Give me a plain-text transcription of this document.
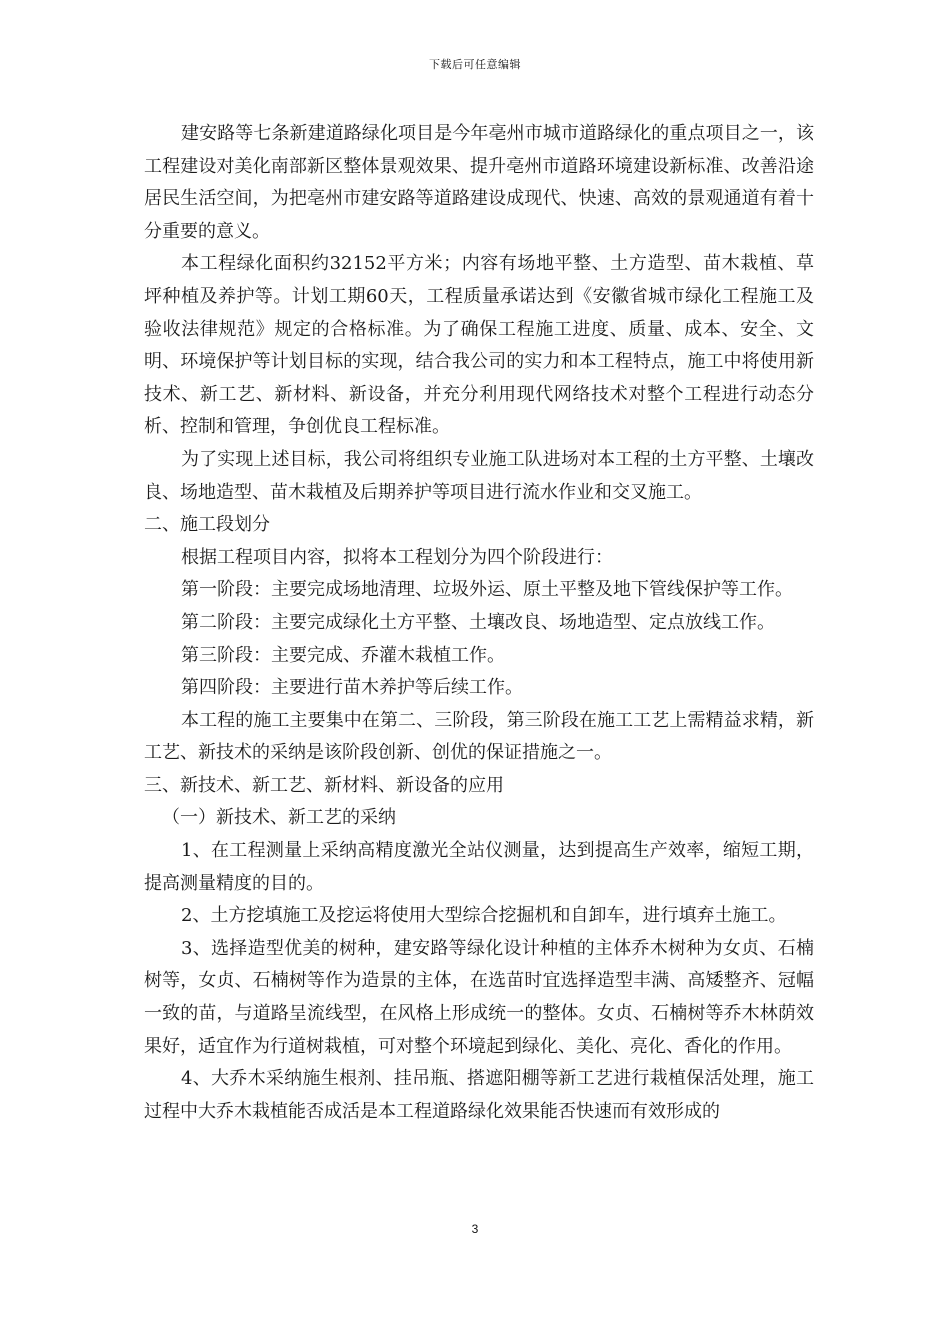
下载后可任意编辑

建安路等七条新建道路绿化项目是今年亳州市城市道路绿化的重点项目之一，该工程建设对美化南部新区整体景观效果、提升亳州市道路环境建设新标准、改善沿途居民生活空间，为把亳州市建安路等道路建设成现代、快速、高效的景观通道有着十分重要的意义。

本工程绿化面积约32152平方米；内容有场地平整、土方造型、苗木栽植、草坪种植及养护等。计划工期60天，工程质量承诺达到《安徽省城市绿化工程施工及验收法律规范》规定的合格标准。为了确保工程施工进度、质量、成本、安全、文明、环境保护等计划目标的实现，结合我公司的实力和本工程特点，施工中将使用新技术、新工艺、新材料、新设备，并充分利用现代网络技术对整个工程进行动态分析、控制和管理，争创优良工程标准。

为了实现上述目标，我公司将组织专业施工队进场对本工程的土方平整、土壤改良、场地造型、苗木栽植及后期养护等项目进行流水作业和交叉施工。

二、施工段划分

根据工程项目内容，拟将本工程划分为四个阶段进行：

第一阶段：主要完成场地清理、垃圾外运、原土平整及地下管线保护等工作。

第二阶段：主要完成绿化土方平整、土壤改良、场地造型、定点放线工作。

第三阶段：主要完成、乔灌木栽植工作。

第四阶段：主要进行苗木养护等后续工作。

本工程的施工主要集中在第二、三阶段，第三阶段在施工工艺上需精益求精，新工艺、新技术的采纳是该阶段创新、创优的保证措施之一。

三、新技术、新工艺、新材料、新设备的应用

（一）新技术、新工艺的采纳

1、在工程测量上采纳高精度激光全站仪测量，达到提高生产效率，缩短工期，提高测量精度的目的。

2、土方挖填施工及挖运将使用大型综合挖掘机和自卸车，进行填弃土施工。

3、选择造型优美的树种，建安路等绿化设计种植的主体乔木树种为女贞、石楠树等，女贞、石楠树等作为造景的主体，在选苗时宜选择造型丰满、高矮整齐、冠幅一致的苗，与道路呈流线型，在风格上形成统一的整体。女贞、石楠树等乔木林荫效果好，适宜作为行道树栽植，可对整个环境起到绿化、美化、亮化、香化的作用。

4、大乔木采纳施生根剂、挂吊瓶、搭遮阳棚等新工艺进行栽植保活处理，施工过程中大乔木栽植能否成活是本工程道路绿化效果能否快速而有效形成的

3
